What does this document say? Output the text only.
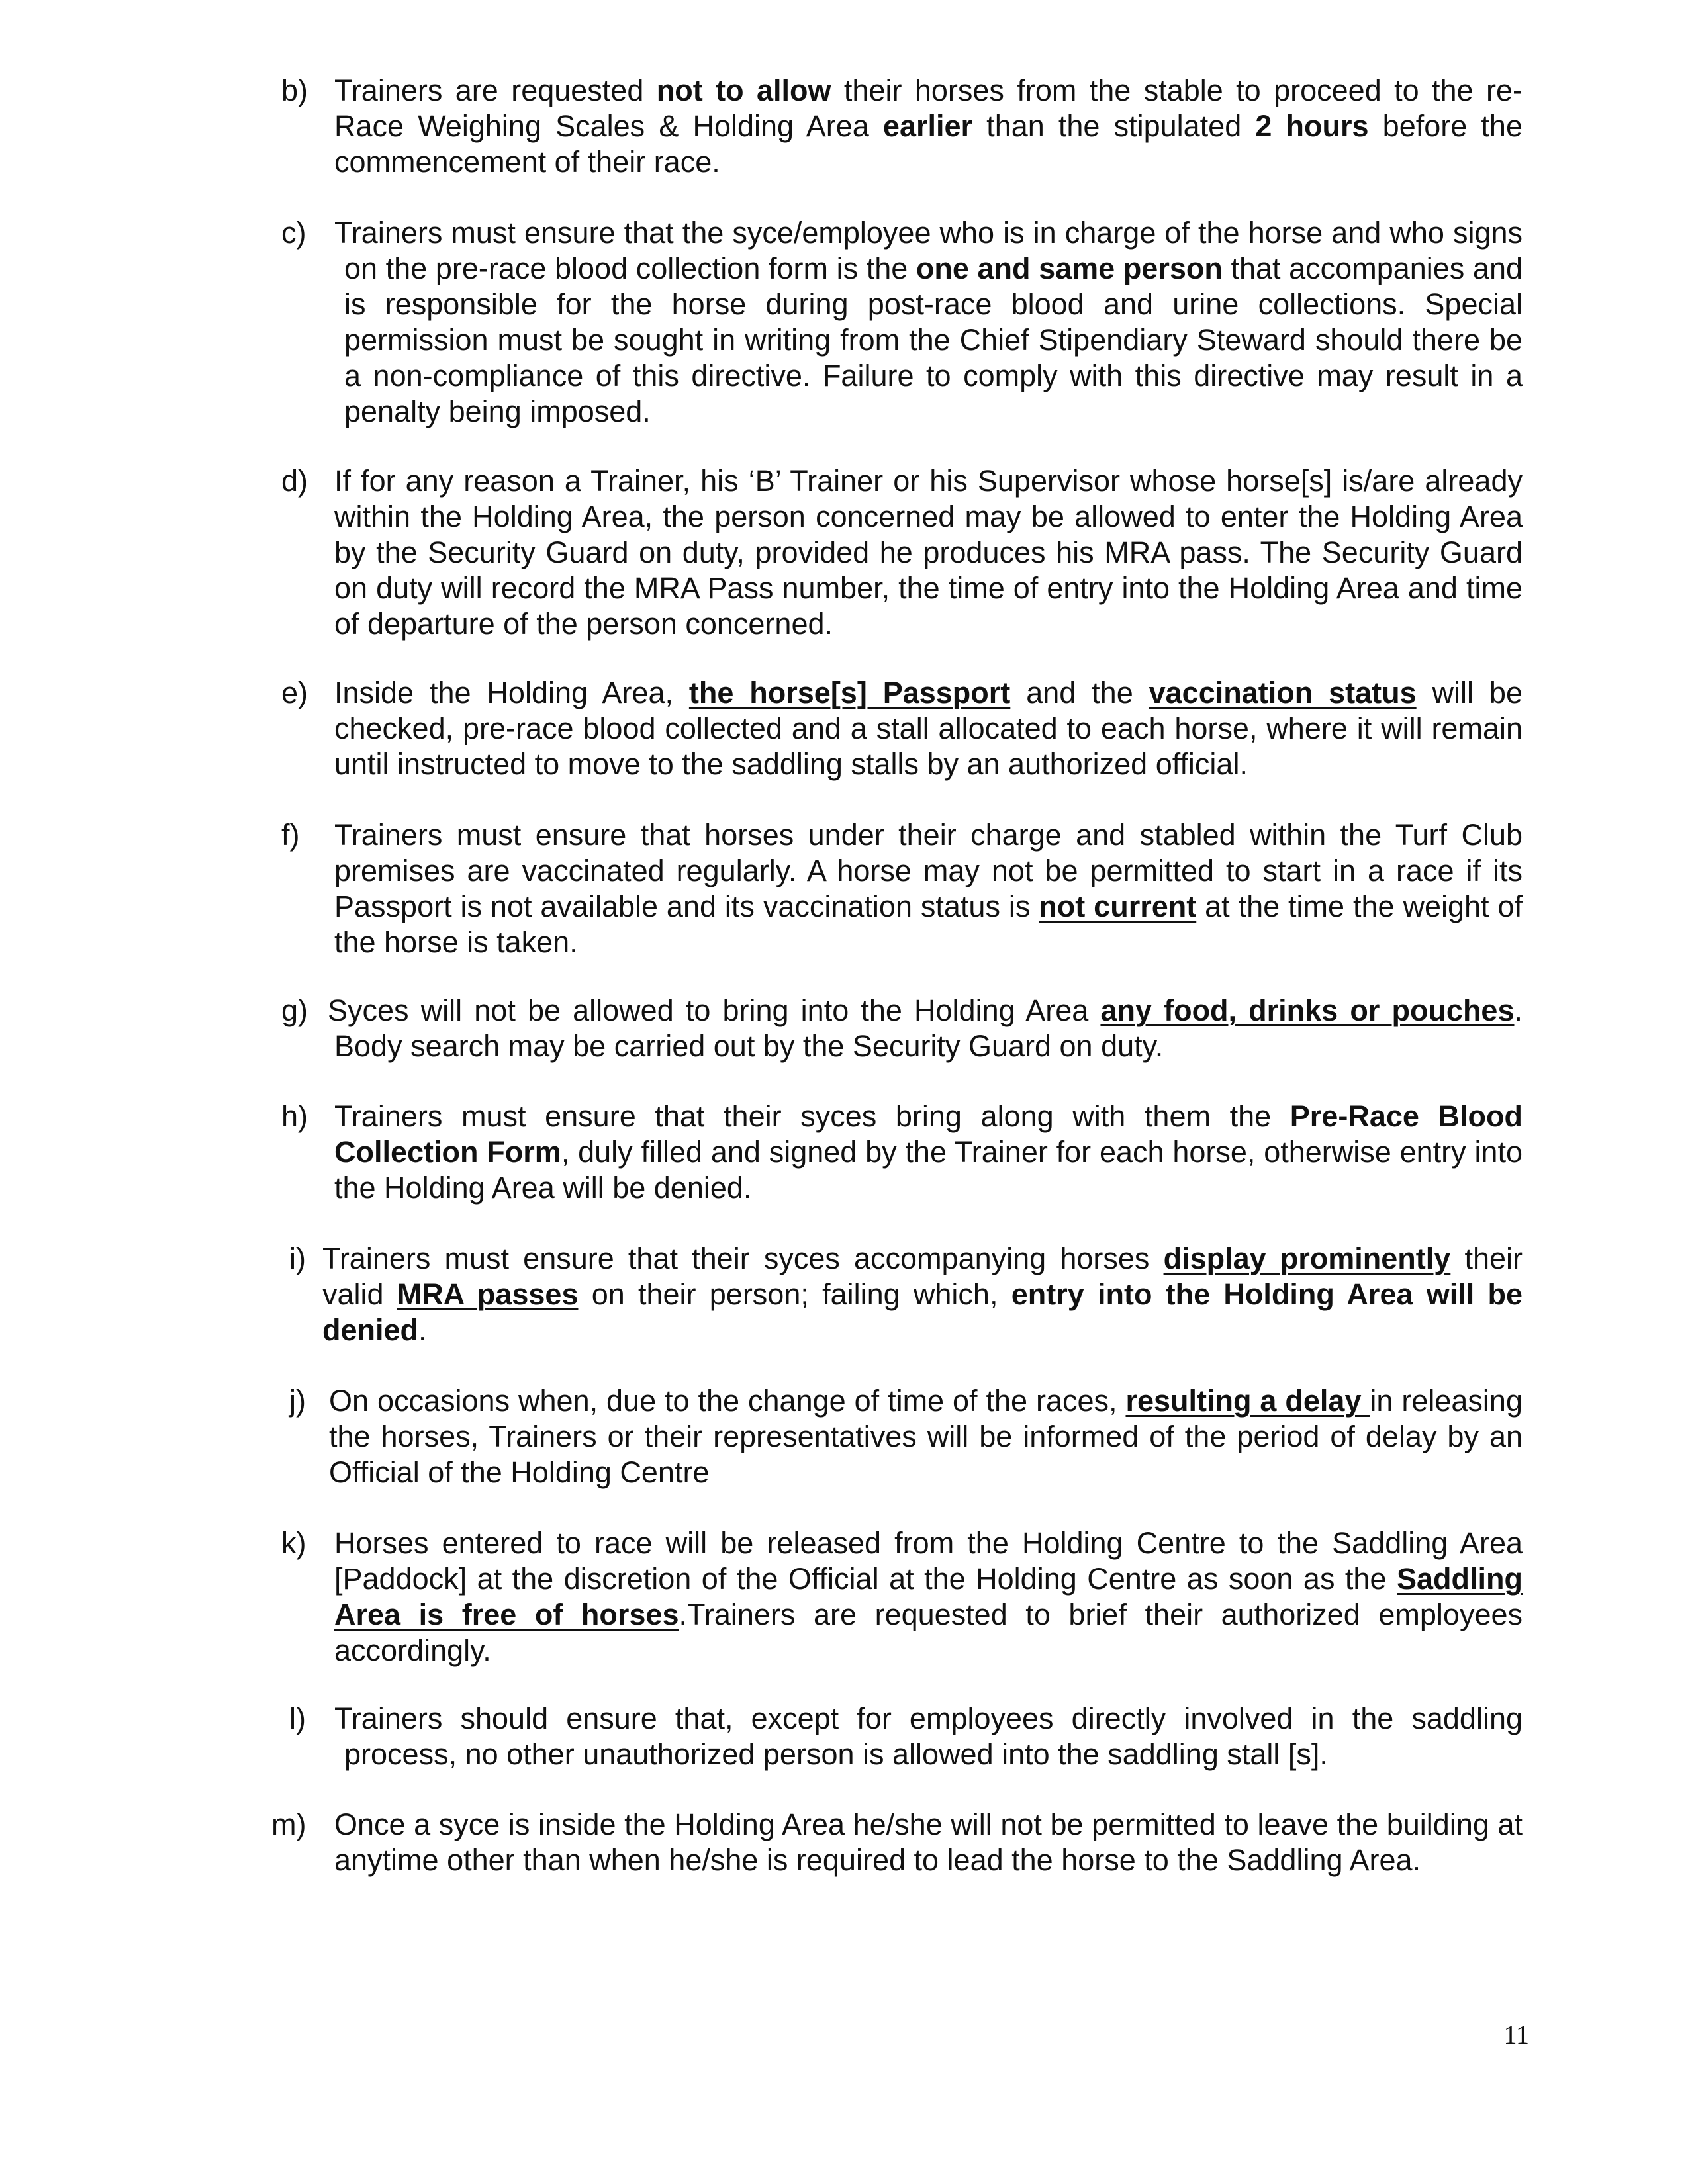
b) Trainers are requested not to allow their horses from the stable to proceed to the re-Race Weighing Scales & Holding Area earlier than the stipulated 2 hours before the commencement of their race.
c) Trainers must ensure that the syce/employee who is in charge of the horse and who signs on the pre-race blood collection form is the one and same person that accompanies and is responsible for the horse during post-race blood and urine collections. Special permission must be sought in writing from the Chief Stipendiary Steward should there be a non-compliance of this directive. Failure to comply with this directive may result in a penalty being imposed.
d) If for any reason a Trainer, his ‘B’ Trainer or his Supervisor whose horse[s] is/are already within the Holding Area, the person concerned may be allowed to enter the Holding Area by the Security Guard on duty, provided he produces his MRA pass. The Security Guard on duty will record the MRA Pass number, the time of entry into the Holding Area and time of departure of the person concerned.
e) Inside the Holding Area, the horse[s] Passport and the vaccination status will be checked, pre-race blood collected and a stall allocated to each horse, where it will remain until instructed to move to the saddling stalls by an authorized official.
f) Trainers must ensure that horses under their charge and stabled within the Turf Club premises are vaccinated regularly. A horse may not be permitted to start in a race if its Passport is not available and its vaccination status is not current at the time the weight of the horse is taken.
g) Syces will not be allowed to bring into the Holding Area any food, drinks or pouches. Body search may be carried out by the Security Guard on duty.
h) Trainers must ensure that their syces bring along with them the Pre-Race Blood Collection Form, duly filled and signed by the Trainer for each horse, otherwise entry into the Holding Area will be denied.
i) Trainers must ensure that their syces accompanying horses display prominently their valid MRA passes on their person; failing which, entry into the Holding Area will be denied.
j) On occasions when, due to the change of time of the races, resulting a delay in releasing the horses, Trainers or their representatives will be informed of the period of delay by an Official of the Holding Centre
k) Horses entered to race will be released from the Holding Centre to the Saddling Area [Paddock] at the discretion of the Official at the Holding Centre as soon as the Saddling Area is free of horses.Trainers are requested to brief their authorized employees accordingly.
l) Trainers should ensure that, except for employees directly involved in the saddling process, no other unauthorized person is allowed into the saddling stall [s].
m) Once a syce is inside the Holding Area he/she will not be permitted to leave the building at anytime other than when he/she is required to lead the horse to the Saddling Area.
11
